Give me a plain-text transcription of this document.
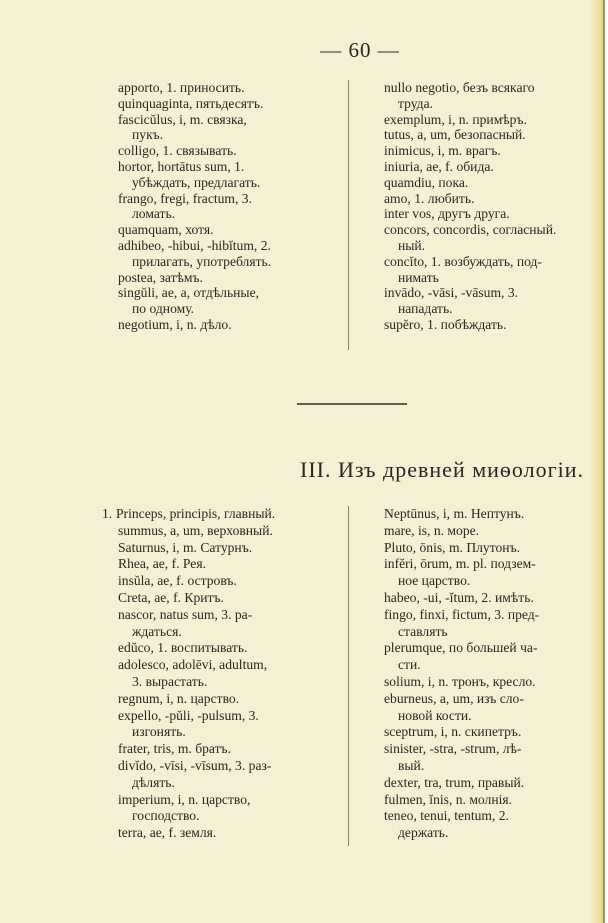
— 60 —
apporto, 1. приносить.
quinquaginta, пятьдесятъ.
fascicŭlus, i, m. связка,
пукъ.
colligo, 1. связывать.
hortor, hortātus sum, 1.
убѣждать, предлагать.
frango, fregi, fractum, 3.
ломать.
quamquam, хотя.
adhibeo, -hibui, -hibĭtum, 2.
прилагать, употреблять.
postea, затѣмъ.
singŭli, ae, a, отдѣльные,
по одному.
negotium, i, n. дѣло.
nullo negotio, безъ всякаго
труда.
exemplum, i, n. примѣръ.
tutus, a, um, безопасный.
inimicus, i, m. врагъ.
iniuria, ae, f. обида.
quamdiu, пока.
amo, 1. любить.
inter vos, другъ друга.
concors, concordis, согласный.
ный.
concĭto, 1. возбуждать, под-
нимать
invādo, -vāsi, -vāsum, 3.
нападать.
supĕro, 1. побѣждать.
III. Изъ древней миѳологіи.
1. Princeps, principis, главный.
summus, a, um, верховный.
Saturnus, i, m. Сатурнъ.
Rhea, ae, f. Рея.
insŭla, ae, f. островъ.
Creta, ae, f. Критъ.
nascor, natus sum, 3. ра-
ждаться.
edŭco, 1. воспитывать.
adolesco, adolēvi, adultum,
3. вырастать.
regnum, i, n. царство.
expello, -pŭli, -pulsum, 3.
изгонять.
frater, tris, m. братъ.
divĭdo, -vīsi, -vīsum, 3. раз-
дѣлять.
imperium, i, n. царство,
господство.
terra, ae, f. земля.
Neptūnus, i, m. Нептунъ.
mare, is, n. море.
Pluto, ōnis, m. Плутонъ.
infĕri, ōrum, m. pl. подзем-
ное царство.
habeo, -ui, -ĭtum, 2. имѣть.
fingo, finxi, fictum, 3. пред-
ставлять
plerumque, по большей ча-
сти.
solium, i, n. тронъ, кресло.
eburneus, a, um, изъ сло-
новой кости.
sceptrum, i, n. скипетръ.
sinister, -stra, -strum, лѣ-
вый.
dexter, tra, trum, правый.
fulmen, ĭnis, n. молнія.
teneo, tenui, tentum, 2.
держать.
